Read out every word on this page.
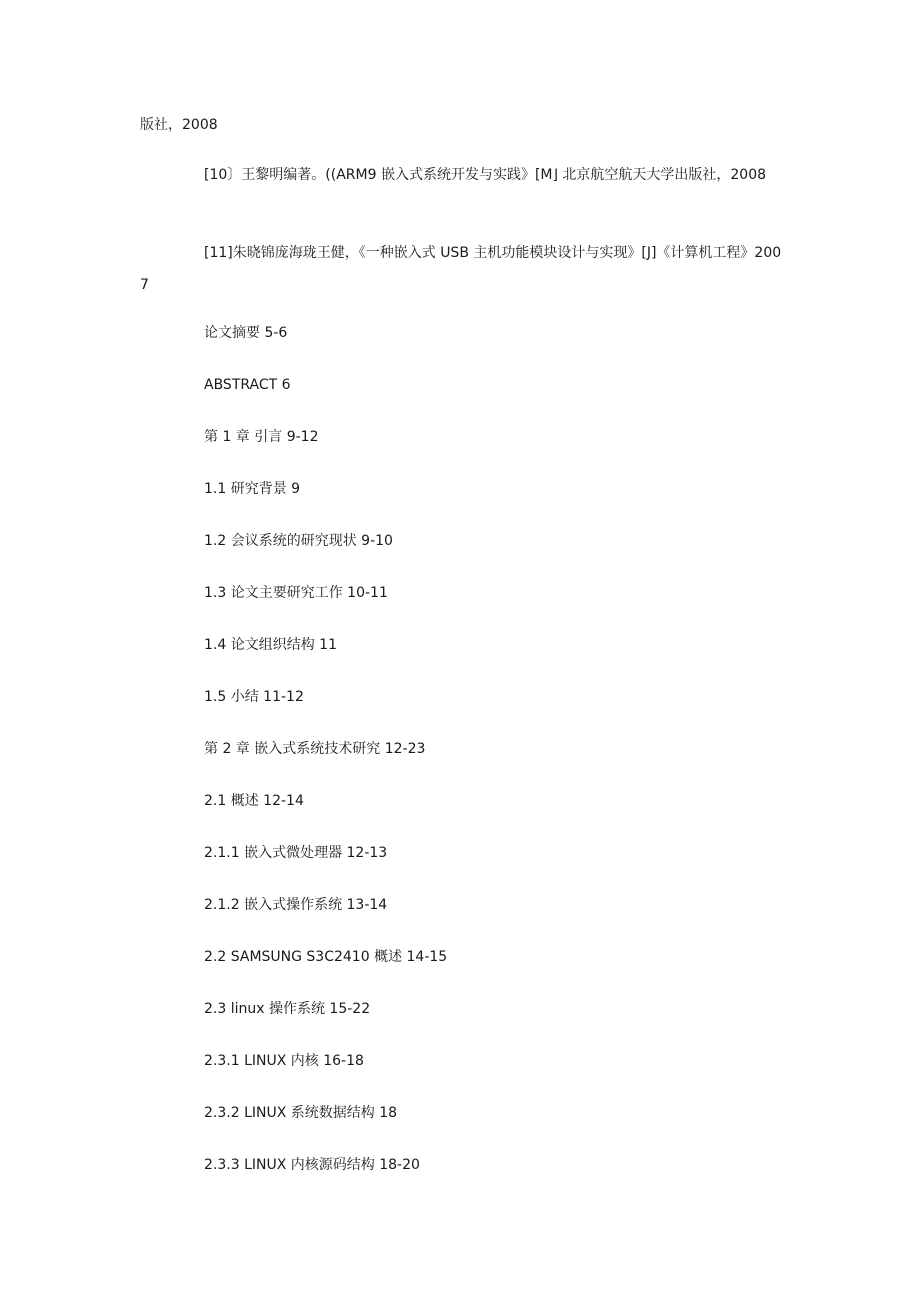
版社，2008
[10〕王黎明编著。((ARM9 嵌入式系统开发与实践》[M⌋ 北京航空航天大学出版社，2008
[11]朱晓锦庞海珑王健，《一种嵌入式 USB 主机功能模块设计与实现》[J]《计算机工程》2007
论文摘要 5-6
ABSTRACT 6
第 1 章 引言 9-12
1.1 研究背景 9
1.2 会议系统的研究现状 9-10
1.3 论文主要研究工作 10-11
1.4 论文组织结构 11
1.5 小结 11-12
第 2 章 嵌入式系统技术研究 12-23
2.1 概述 12-14
2.1.1 嵌入式微处理器 12-13
2.1.2 嵌入式操作系统 13-14
2.2 SAMSUNG S3C2410 概述 14-15
2.3 linux 操作系统 15-22
2.3.1 LINUX 内核 16-18
2.3.2 LINUX 系统数据结构 18
2.3.3 LINUX 内核源码结构 18-20
